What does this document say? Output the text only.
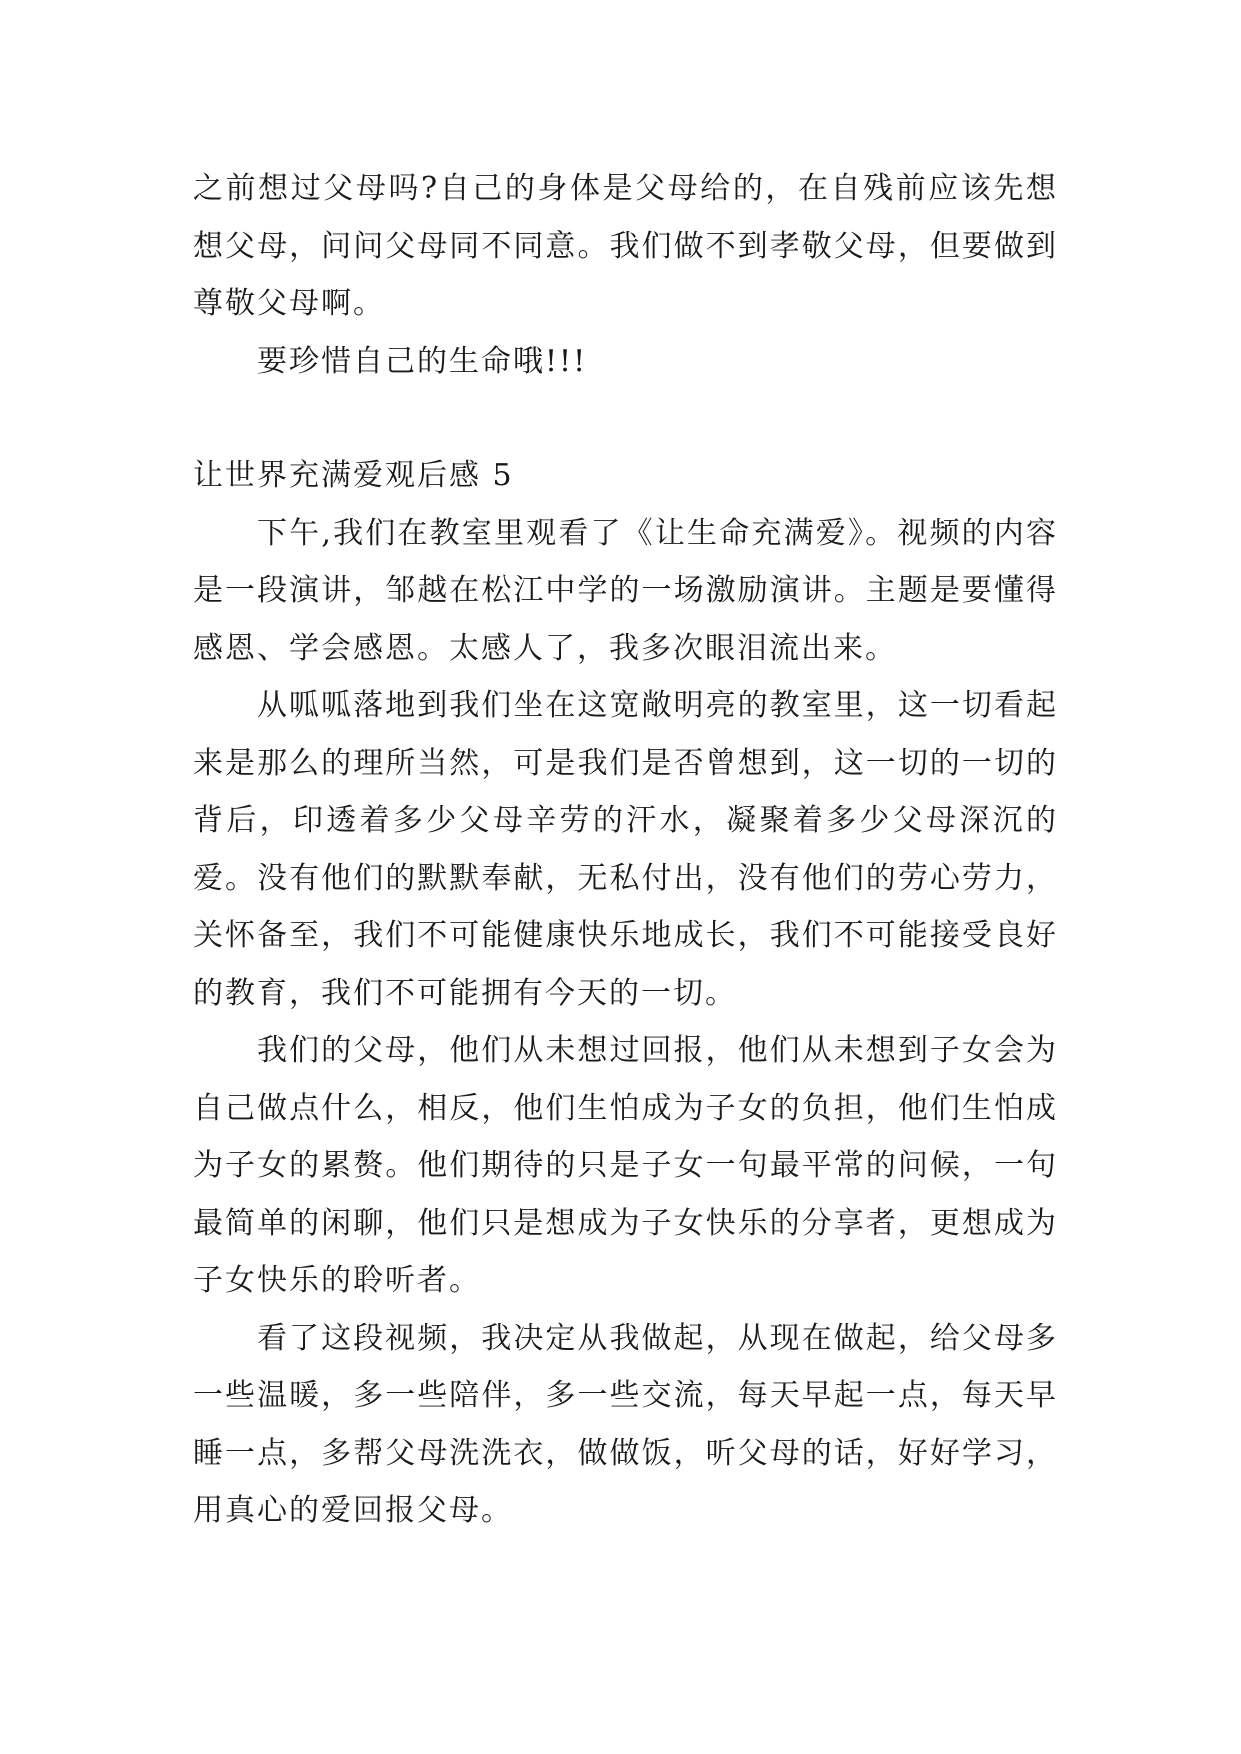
之前想过父母吗?自己的身体是父母给的，在自残前应该先想想父母，问问父母同不同意。我们做不到孝敬父母，但要做到尊敬父母啊。

要珍惜自己的生命哦!!!

让世界充满爱观后感 5

下午,我们在教室里观看了《让生命充满爱》。视频的内容是一段演讲，邹越在松江中学的一场激励演讲。主题是要懂得感恩、学会感恩。太感人了，我多次眼泪流出来。

从呱呱落地到我们坐在这宽敞明亮的教室里，这一切看起来是那么的理所当然，可是我们是否曾想到，这一切的一切的背后，印透着多少父母辛劳的汗水，凝聚着多少父母深沉的爱。没有他们的默默奉献，无私付出，没有他们的劳心劳力，关怀备至，我们不可能健康快乐地成长，我们不可能接受良好的教育，我们不可能拥有今天的一切。

我们的父母，他们从未想过回报，他们从未想到子女会为自己做点什么，相反，他们生怕成为子女的负担，他们生怕成为子女的累赘。他们期待的只是子女一句最平常的问候，一句最简单的闲聊，他们只是想成为子女快乐的分享者，更想成为子女快乐的聆听者。

看了这段视频，我决定从我做起，从现在做起，给父母多一些温暖，多一些陪伴，多一些交流，每天早起一点，每天早睡一点，多帮父母洗洗衣，做做饭，听父母的话，好好学习，用真心的爱回报父母。
